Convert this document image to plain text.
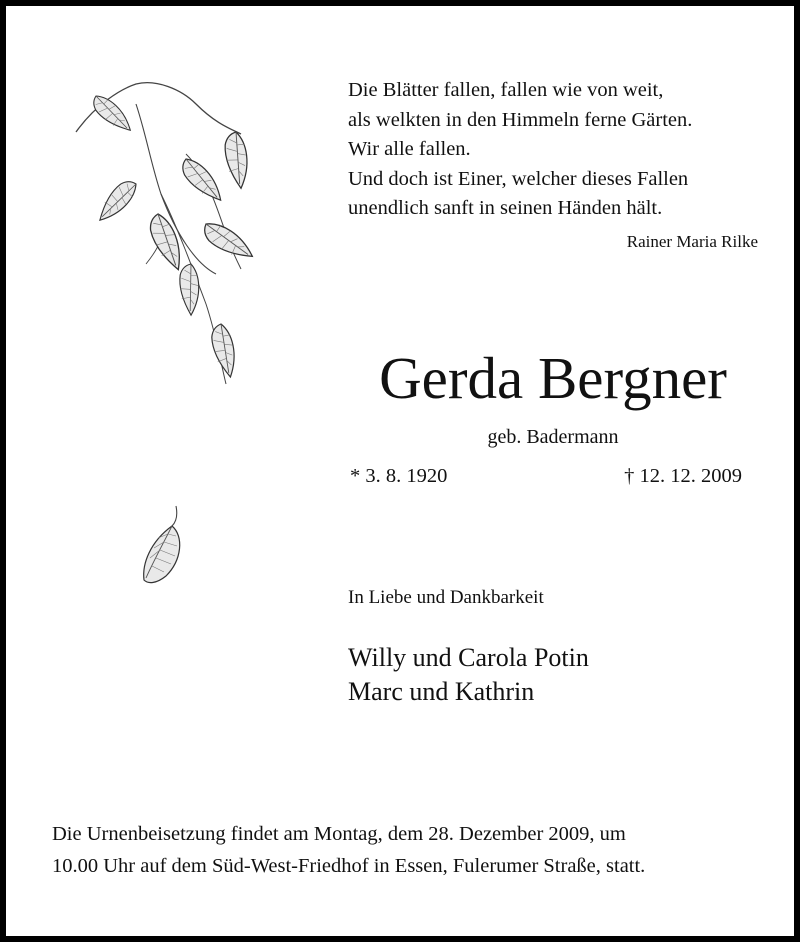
Die Blätter fallen, fallen wie von weit,
als welkten in den Himmeln ferne Gärten.
Wir alle fallen.
Und doch ist Einer, welcher dieses Fallen
unendlich sanft in seinen Händen hält.
Rainer Maria Rilke
Gerda Bergner
geb. Badermann
* 3. 8. 1920	† 12. 12. 2009
In Liebe und Dankbarkeit
Willy und Carola Potin
Marc und Kathrin
Die Urnenbeisetzung findet am Montag, dem 28. Dezember 2009, um
10.00 Uhr auf dem Süd-West-Friedhof in Essen, Fulerumer Straße, statt.
